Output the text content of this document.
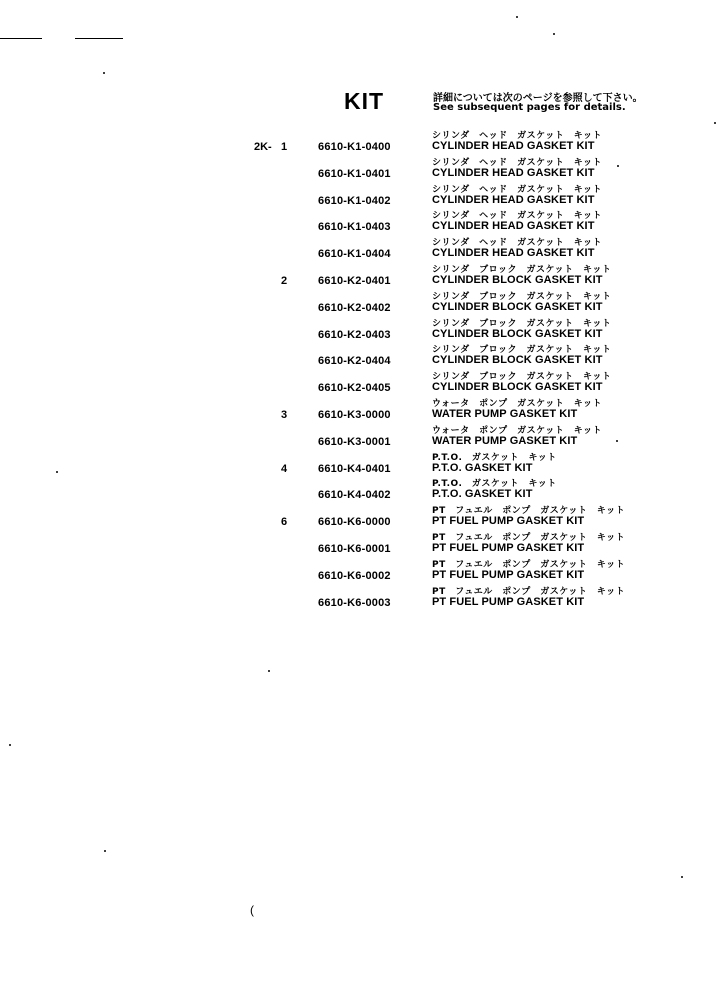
KIT	詳細については次のページを参照して下さい。
See subsequent pages for details.
2K-
シリンダ　ヘッド　ガスケット　キット
CYLINDER HEAD GASKET KIT
6610-K1-0400
1
シリンダ　ヘッド　ガスケット　キット
CYLINDER HEAD GASKET KIT
6610-K1-0401
シリンダ　ヘッド　ガスケット　キット
CYLINDER HEAD GASKET KIT
6610-K1-0402
シリンダ　ヘッド　ガスケット　キット
CYLINDER HEAD GASKET KIT
6610-K1-0403
シリンダ　ヘッド　ガスケット　キット
CYLINDER HEAD GASKET KIT
6610-K1-0404
シリンダ　ブロック　ガスケット　キット
CYLINDER BLOCK GASKET KIT
6610-K2-0401
2
シリンダ　ブロック　ガスケット　キット
CYLINDER BLOCK GASKET KIT
6610-K2-0402
シリンダ　ブロック　ガスケット　キット
CYLINDER BLOCK GASKET KIT
6610-K2-0403
シリンダ　ブロック　ガスケット　キット
CYLINDER BLOCK GASKET KIT
6610-K2-0404
シリンダ　ブロック　ガスケット　キット
CYLINDER BLOCK GASKET KIT
6610-K2-0405
ウォータ　ポンプ　ガスケット　キット
WATER PUMP GASKET KIT
6610-K3-0000
3
ウォータ　ポンプ　ガスケット　キット
WATER PUMP GASKET KIT
6610-K3-0001
P.T.O.　ガスケット　キット
P.T.O. GASKET KIT
6610-K4-0401
4
P.T.O.　ガスケット　キット
P.T.O. GASKET KIT
6610-K4-0402
PT　フュエル　ポンプ　ガスケット　キット
PT FUEL PUMP GASKET KIT
6610-K6-0000
6
PT　フュエル　ポンプ　ガスケット　キット
PT FUEL PUMP GASKET KIT
6610-K6-0001
PT　フュエル　ポンプ　ガスケット　キット
PT FUEL PUMP GASKET KIT
6610-K6-0002
PT　フュエル　ポンプ　ガスケット　キット
PT FUEL PUMP GASKET KIT
6610-K6-0003
(
